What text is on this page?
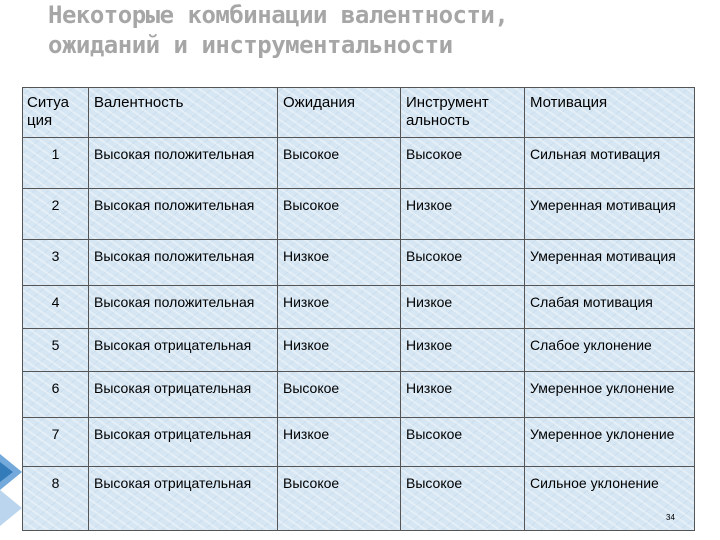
Некоторые комбинации валентности,
ожиданий и инструментальности
Ситуа ция	Валентность	Ожидания	Инструмент альность	Мотивация
1	Высокая положительная	Высокое	Высокое	Сильная мотивация
2	Высокая положительная	Высокое	Низкое	Умеренная мотивация
3	Высокая положительная	Низкое	Высокое	Умеренная мотивация
4	Высокая положительная	Низкое	Низкое	Слабая мотивация
5	Высокая отрицательная	Низкое	Низкое	Слабое уклонение
6	Высокая отрицательная	Высокое	Низкое	Умеренное уклонение
7	Высокая отрицательная	Низкое	Высокое	Умеренное уклонение
8	Высокая отрицательная	Высокое	Высокое	Сильное уклонение
34
